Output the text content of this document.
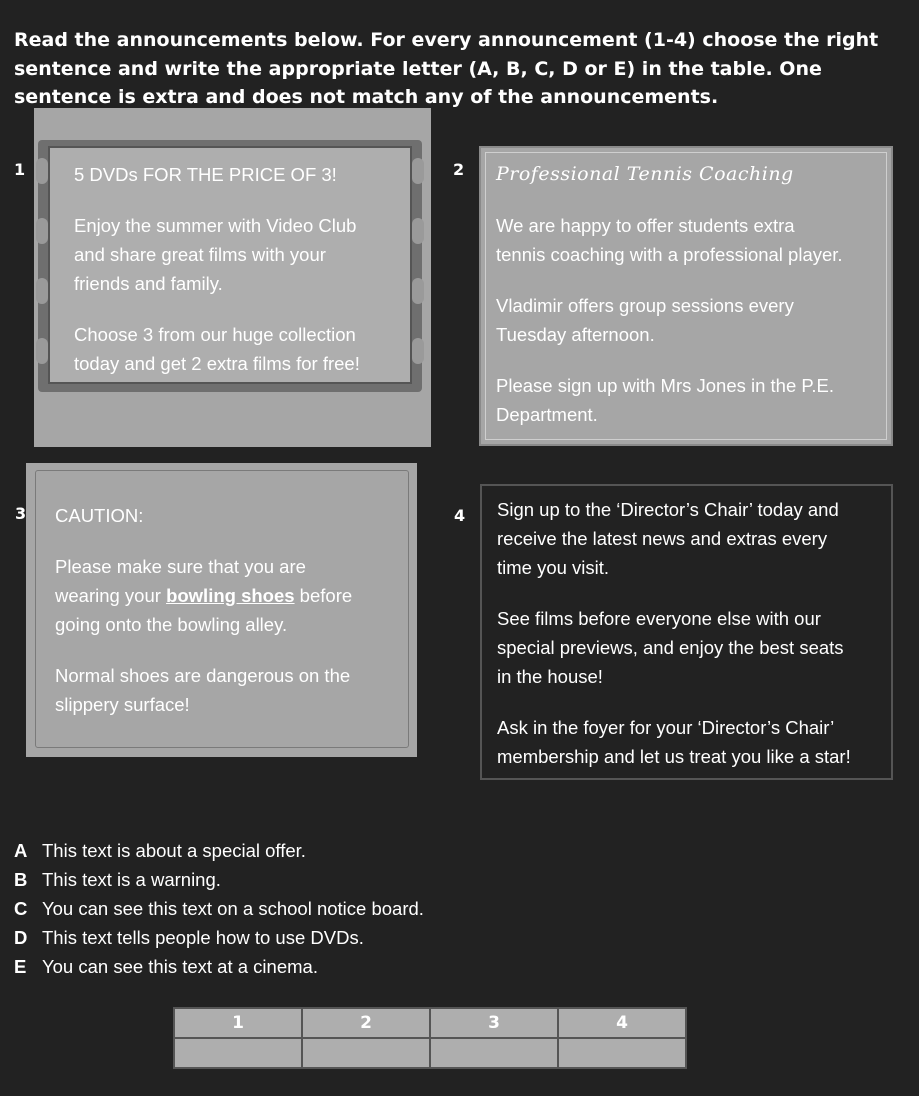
Read the announcements below. For every announcement (1-4) choose the right sentence and write the appropriate letter (A, B, C, D or E) in the table. One sentence is extra and does not match any of the announcements.
1	5 DVDs FOR THE PRICE OF 3!

Enjoy the summer with Video Club
and share great films with your
friends and family.

Choose 3 from our huge collection
today and get 2 extra films for free!

2 Professional Tennis Coaching

We are happy to offer students extra
tennis coaching with a professional player.

Vladimir offers group sessions every
Tuesday afternoon.

Please sign up with Mrs Jones in the P.E.
Department.

3 CAUTION:

Please make sure that you are
wearing your bowling shoes before
going onto the bowling alley.

Normal shoes are dangerous on the
slippery surface!

4 Sign up to the ‘Director’s Chair’ today and
receive the latest news and extras every
time you visit.

See films before everyone else with our
special previews, and enjoy the best seats
in the house!

Ask in the foyer for your ‘Director’s Chair’
membership and let us treat you like a star!

A This text is about a special offer.
B This text is a warning.
C You can see this text on a school notice board.
D This text tells people how to use DVDs.
E You can see this text at a cinema.
1	2	3	4
